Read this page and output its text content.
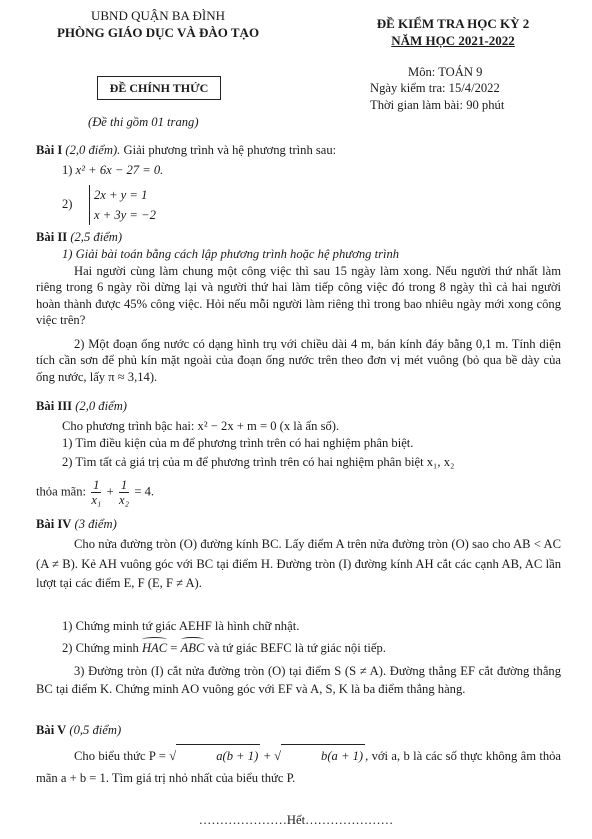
UBND QUẬN BA ĐÌNH
PHÒNG GIÁO DỤC VÀ ĐÀO TẠO
ĐỀ KIỂM TRA HỌC KỲ 2
NĂM HỌC 2021-2022
ĐỀ CHÍNH THỨC
Môn: TOÁN 9
Ngày kiểm tra: 15/4/2022
Thời gian làm bài: 90 phút
(Đề thi gồm 01 trang)
Bài I (2,0 điểm). Giải phương trình và hệ phương trình sau:
1) x² + 6x − 27 = 0.
2)
2x + y = 1
x + 3y = −2
Bài II (2,5 điểm)
1) Giải bài toán bằng cách lập phương trình hoặc hệ phương trình
Hai người cùng làm chung một công việc thì sau 15 ngày làm xong. Nếu người thứ nhất làm riêng trong 6 ngày rồi dừng lại và người thứ hai làm tiếp công việc đó trong 8 ngày thì cả hai người hoàn thành được 45% công việc. Hỏi nếu mỗi người làm riêng thì trong bao nhiêu ngày mới xong công việc trên?
2) Một đoạn ống nước có dạng hình trụ với chiều dài 4 m, bán kính đáy bằng 0,1 m. Tính diện tích cần sơn để phủ kín mặt ngoài của đoạn ống nước trên theo đơn vị mét vuông (bỏ qua bề dày của ống nước, lấy π ≈ 3,14).
Bài III (2,0 điểm)
Cho phương trình bậc hai: x² − 2x + m = 0 (x là ẩn số).
1) Tìm điều kiện của m để phương trình trên có hai nghiệm phân biệt.
2) Tìm tất cả giá trị của m để phương trình trên có hai nghiệm phân biệt x₁, x₂
thỏa mãn: $\frac{1}{\text{x₁}} + \frac{1}{\text{x₂}} = 4$.
Bài IV (3 điểm)
Cho nửa đường tròn (O) đường kính BC. Lấy điểm A trên nửa đường tròn (O) sao cho AB < AC (A ≠ B). Kẻ AH vuông góc với BC tại điểm H. Đường tròn (I) đường kính AH cắt các cạnh AB, AC lần lượt tại các điểm E, F (E, F ≠ A).
1) Chứng minh tứ giác AEHF là hình chữ nhật.
2) Chứng minh HAC = ABC và tứ giác BEFC là tứ giác nội tiếp.
3) Đường tròn (I) cắt nửa đường tròn (O) tại điểm S (S ≠ A). Đường thẳng EF cắt đường thẳng BC tại điểm K. Chứng minh AO vuông góc với EF và A, S, K là ba điểm thẳng hàng.
Bài V (0,5 điểm)
Cho biểu thức P = √	a(b + 1) + √	b(a + 1) , với a, b là các số thực không âm thỏa mãn a + b = 1. Tìm giá trị nhỏ nhất của biểu thức P.
…………………Hết…………………
